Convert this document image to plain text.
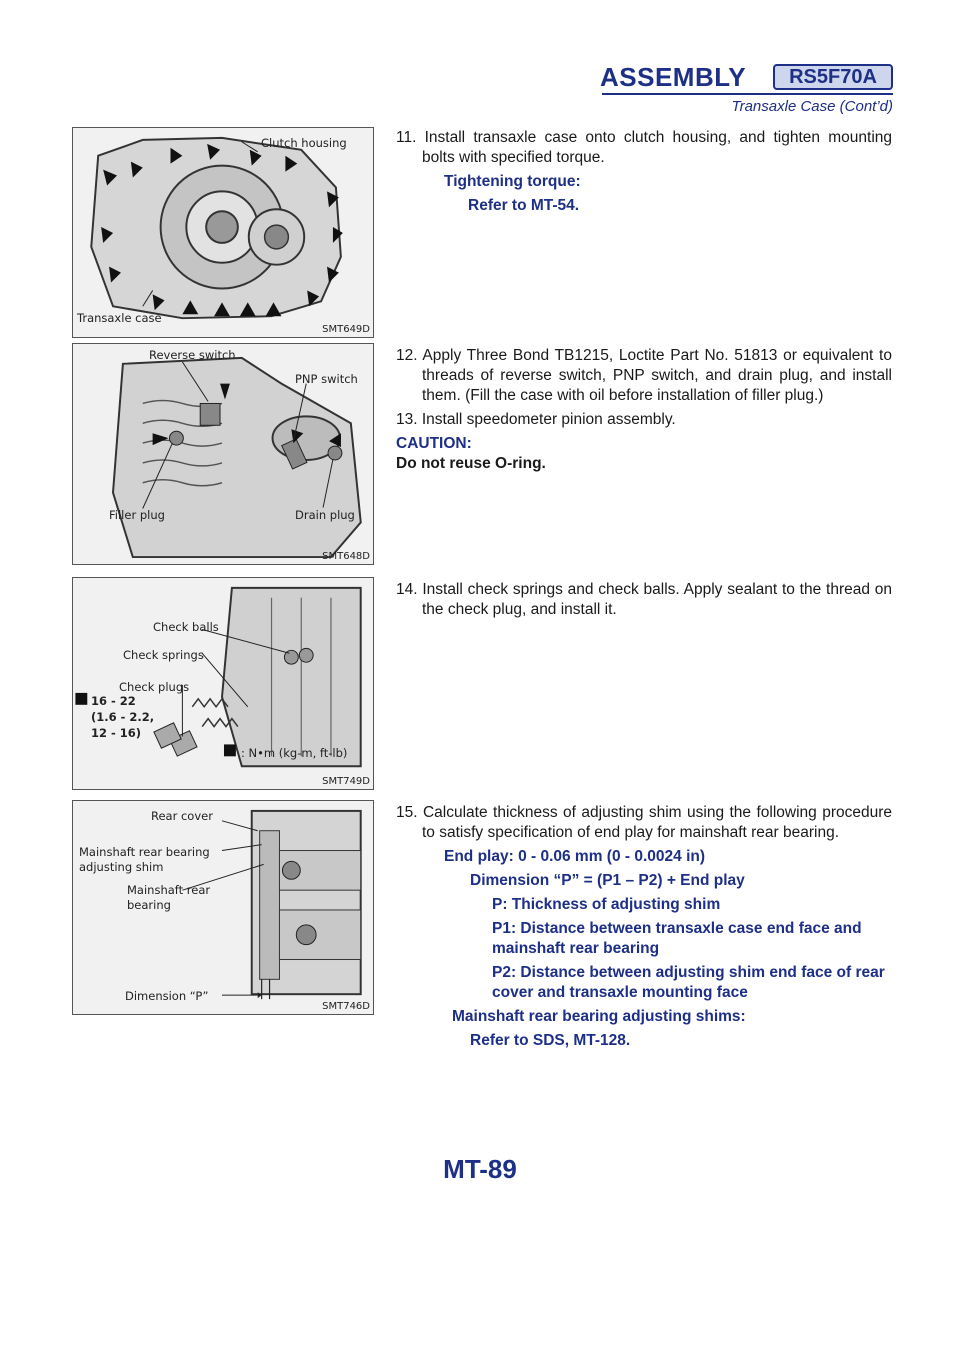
ASSEMBLY	RS5F70A
Transaxle Case (Cont’d)
Clutch housing
Transaxle case
SMT649D
Reverse switch
PNP switch
Filler plug	Drain plug
SMT648D
Check balls
Check springs
Check plugs
16 - 22
(1.6 - 2.2,
12 - 16)
: N•m (kg-m, ft-lb)
SMT749D
Rear cover
Mainshaft rear bearing
adjusting shim
Mainshaft rear
bearing
Dimension “P”
SMT746D

11. Install transaxle case onto clutch housing, and tighten mounting bolts with specified torque.

Tightening torque:

Refer to MT-54.

12. Apply Three Bond TB1215, Loctite Part No. 51813 or equivalent to threads of reverse switch, PNP switch, and drain plug, and install them. (Fill the case with oil before installation of filler plug.)

13. Install speedometer pinion assembly.

CAUTION:

Do not reuse O-ring.

14. Install check springs and check balls. Apply sealant to the thread on the check plug, and install it.

15. Calculate thickness of adjusting shim using the following procedure to satisfy specification of end play for mainshaft rear bearing.

End play: 0 - 0.06 mm (0 - 0.0024 in)

Dimension “P” = (P1 – P2) + End play

P: Thickness of adjusting shim

P1: Distance between transaxle case end face and mainshaft rear bearing

P2: Distance between adjusting shim end face of rear cover and transaxle mounting face

Mainshaft rear bearing adjusting shims:

Refer to SDS, MT-128.

MT-89
